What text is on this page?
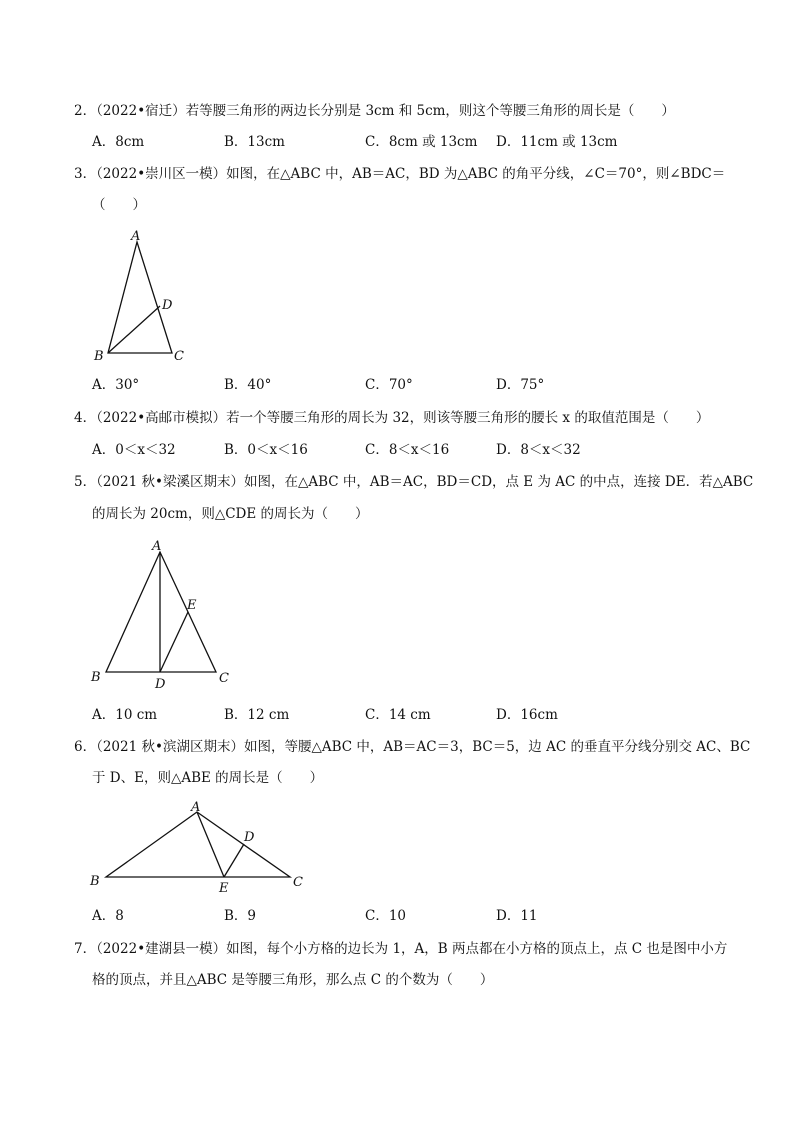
2．（2022•宿迁）若等腰三角形的两边长分别是 3cm 和 5cm，则这个等腰三角形的周长是（　　）
A．8cm	B．13cm	C．8cm 或 13cm D．11cm 或 13cm
3．（2022•崇川区一模）如图，在△ABC 中，AB＝AC，BD 为△ABC 的角平分线，∠C＝70°，则∠BDC＝
（　　）
A
D
B	C
A．30°	B．40°	C．70°	D．75°
4．（2022•高邮市模拟）若一个等腰三角形的周长为 32，则该等腰三角形的腰长 x 的取值范围是（　　）
A．0＜x＜32	B．0＜x＜16	C．8＜x＜16	D．8＜x＜32
5．（2021 秋•梁溪区期末）如图，在△ABC 中，AB＝AC，BD＝CD，点 E 为 AC 的中点，连接 DE．若△ABC
的周长为 20cm，则△CDE 的周长为（　　）
A
E
B	D	C
A．10 cm	B．12 cm	C．14 cm	D．16cm
6．（2021 秋•滨湖区期末）如图，等腰△ABC 中，AB＝AC＝3，BC＝5，边 AC 的垂直平分线分别交 AC、BC
于 D、E，则△ABE 的周长是（　　）
A
D
B	E	C
A．8	B．9	C．10	D．11
7．（2022•建湖县一模）如图，每个小方格的边长为 1，A，B 两点都在小方格的顶点上，点 C 也是图中小方
格的顶点，并且△ABC 是等腰三角形，那么点 C 的个数为（　　）
